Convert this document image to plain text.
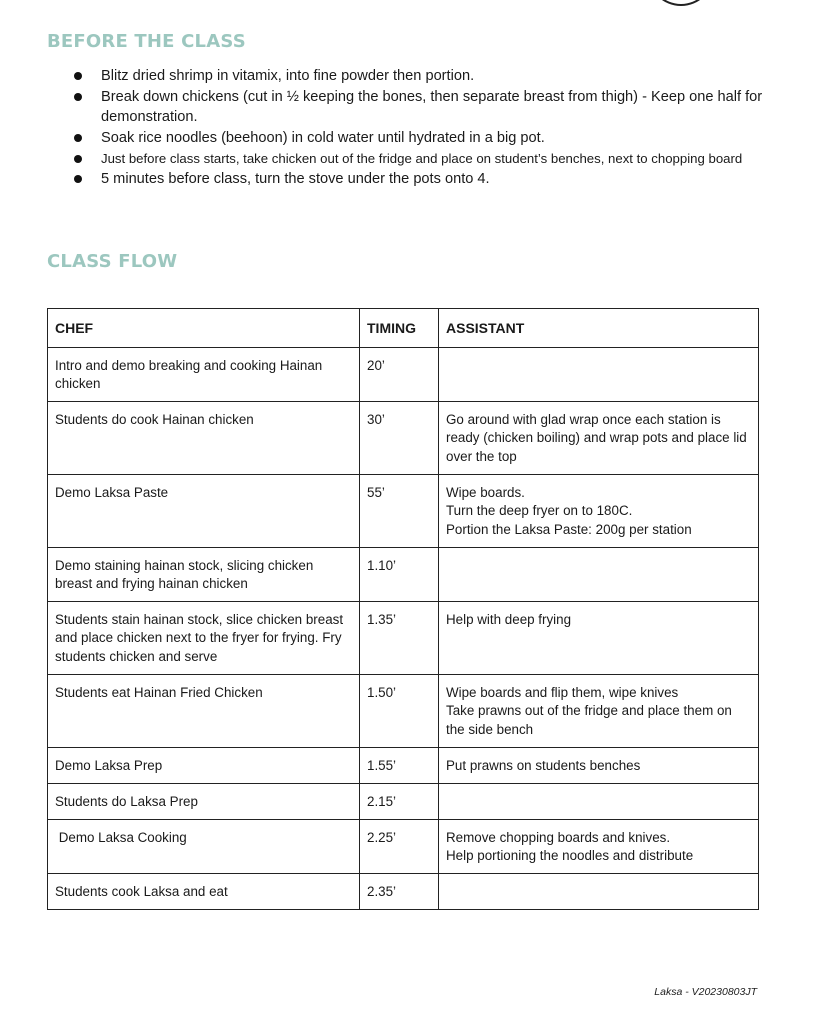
BEFORE THE CLASS
Blitz dried shrimp in vitamix, into fine powder then portion.
Break down chickens (cut in ½ keeping the bones, then separate breast from thigh) - Keep one half for demonstration.
Soak rice noodles (beehoon) in cold water until hydrated in a big pot.
Just before class starts, take chicken out of the fridge and place on student’s benches, next to chopping board
5 minutes before class, turn the stove under the pots onto 4.
CLASS FLOW
CHEF	TIMING	ASSISTANT
Intro and demo breaking and cooking Hainan chicken	20’	
Students do cook Hainan chicken	30’	Go around with glad wrap once each station is ready (chicken boiling) and wrap pots and place lid over the top

Demo Laksa Paste	55’	Wipe boards.
Turn the deep fryer on to 180C.
Portion the Laksa Paste: 200g per station

Demo staining hainan stock, slicing chicken breast and frying hainan chicken	1.10’	
Students stain hainan stock, slice chicken breast and place chicken next to the fryer for frying. Fry students chicken and serve	1.35’	Help with deep frying

Students eat Hainan Fried Chicken	1.50’	Wipe boards and flip them, wipe knives
Take prawns out of the fridge and place them on the side bench

Demo Laksa Prep	1.55’	Put prawns on students benches

Students do Laksa Prep	2.15’	
Demo Laksa Cooking	2.25’	Remove chopping boards and knives.
Help portioning the noodles and distribute

Students cook Laksa and eat	2.35’	
Laksa - V20230803JT
